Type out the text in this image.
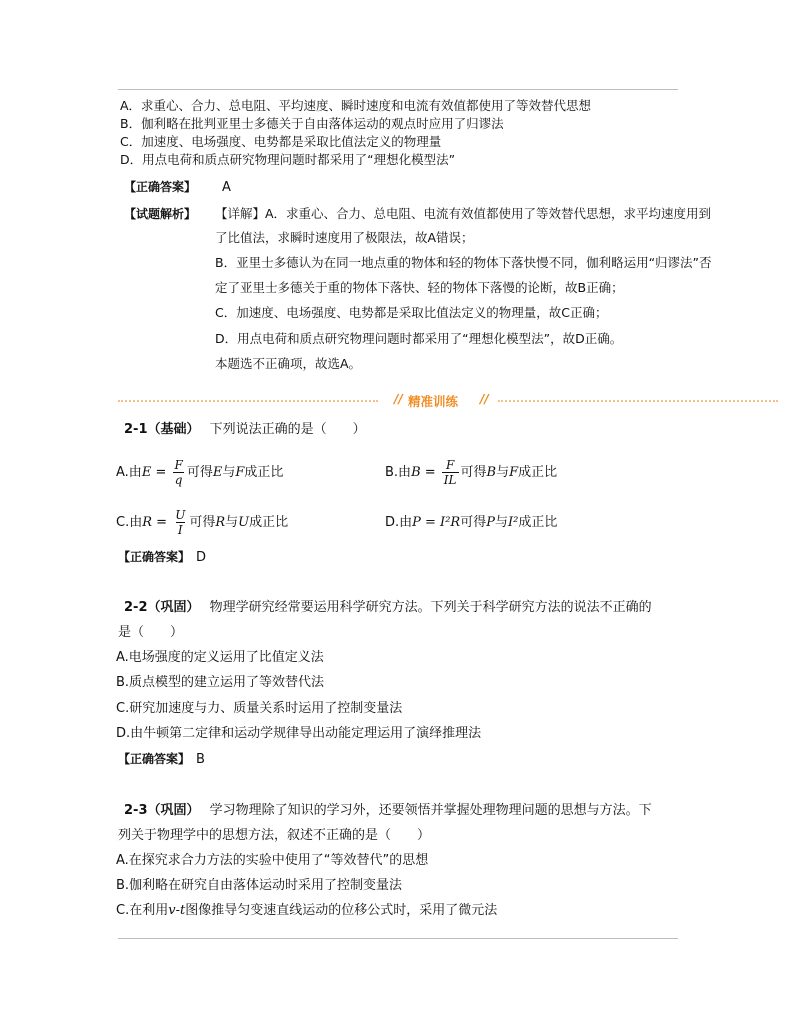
A．求重心、合力、总电阻、平均速度、瞬时速度和电流有效值都使用了等效替代思想
B．伽利略在批判亚里士多德关于自由落体运动的观点时应用了归谬法
C．加速度、电场强度、电势都是采取比值法定义的物理量
D．用点电荷和质点研究物理问题时都采用了“理想化模型法”
【正确答案】 A
【试题解析】 【详解】A．求重心、合力、总电阻、电流有效值都使用了等效替代思想，求平均速度用到
了比值法，求瞬时速度用了极限法，故A错误；
B．亚里士多德认为在同一地点重的物体和轻的物体下落快慢不同，伽利略运用“归谬法”否
定了亚里士多德关于重的物体下落快、轻的物体下落慢的论断，故B正确；
C．加速度、电场强度、电势都是采取比值法定义的物理量，故C正确；
D．用点电荷和质点研究物理问题时都采用了“理想化模型法”，故D正确。
本题选不正确项，故选A。
// 精准训练 //
2-1（基础） 下列说法正确的是（　　）
A.由$E = \frac{F}{q}$ 可得E与F成正比	B.由$B = \frac{F}{IL}$ 可得B与F成正比
C.由$R = \frac{U}{I}$ 可得R与U成正比	D.由P = I²R可得P与I²成正比
【正确答案】 D
2-2（巩固） 物理学研究经常要运用科学研究方法。下列关于科学研究方法的说法不正确的
是（　　）
A.电场强度的定义运用了比值定义法
B.质点模型的建立运用了等效替代法
C.研究加速度与力、质量关系时运用了控制变量法
D.由牛顿第二定律和运动学规律导出动能定理运用了演绎推理法
【正确答案】 B
2-3（巩固） 学习物理除了知识的学习外，还要领悟并掌握处理物理问题的思想与方法。下
列关于物理学中的思想方法，叙述不正确的是（　　）
A.在探究求合力方法的实验中使用了“等效替代”的思想
B.伽利略在研究自由落体运动时采用了控制变量法
C.在利用v-t图像推导匀变速直线运动的位移公式时，采用了微元法
